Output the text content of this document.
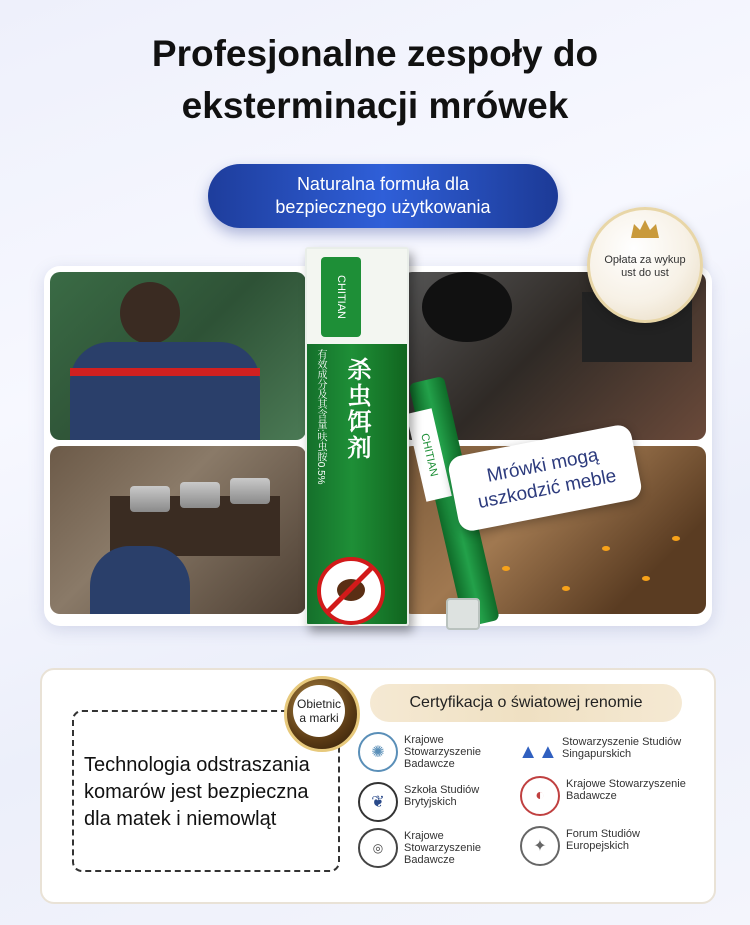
Profesjonalne zespoły do
eksterminacji mrówek
Naturalna formuła dla
bezpiecznego użytkowania
CHITIAN
CHITIAN
有效成分及其含量:呋虫胺0.5% 杀虫饵剂
Mrówki mogą
uszkodzić meble
Opłata za wykup
ust do ust
Technologia odstraszania
komarów jest bezpieczna
dla matek i niemowląt
Obietnic
a marki
Certyfikacja o światowej renomie
✺
Krajowe
Stowarzyszenie
Badawcze
❦
Szkoła Studiów
Brytyjskich
◎
Krajowe
Stowarzyszenie
Badawcze
▲▲ Stowarzyszenie Studiów
Singapurskich
◐
Krajowe Stowarzyszenie
Badawcze
✦
Forum Studiów
Europejskich
